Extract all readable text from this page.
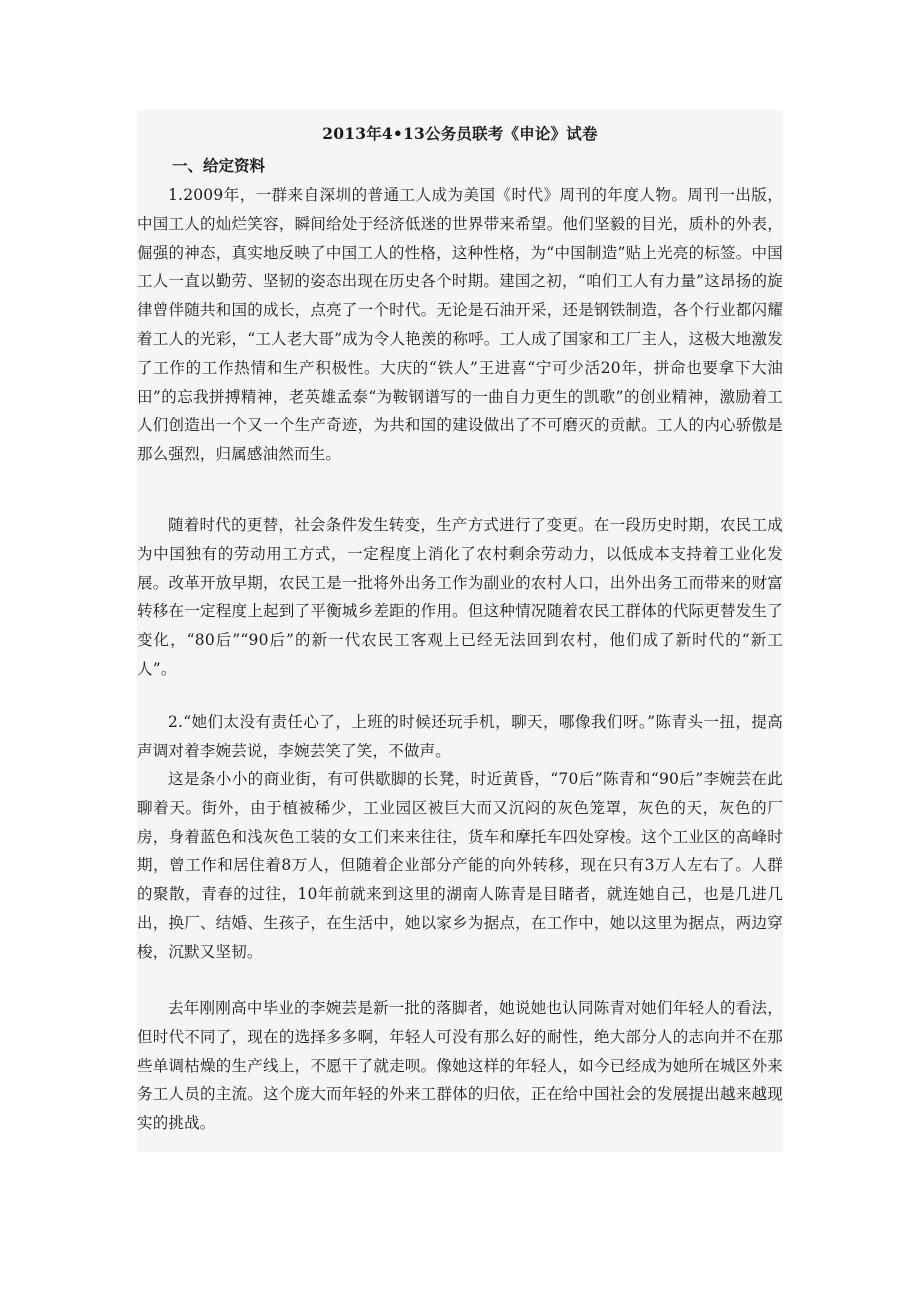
2013年4•13公务员联考《申论》试卷
一、给定资料

1.2009年，一群来自深圳的普通工人成为美国《时代》周刊的年度人物。周刊一出版，中国工人的灿烂笑容，瞬间给处于经济低迷的世界带来希望。他们坚毅的目光，质朴的外表，倔强的神态，真实地反映了中国工人的性格，这种性格，为“中国制造”贴上光亮的标签。中国工人一直以勤劳、坚韧的姿态出现在历史各个时期。建国之初，“咱们工人有力量”这昂扬的旋律曾伴随共和国的成长，点亮了一个时代。无论是石油开采，还是钢铁制造，各个行业都闪耀着工人的光彩，“工人老大哥”成为令人艳羡的称呼。工人成了国家和工厂主人，这极大地激发了工作的工作热情和生产积极性。大庆的“铁人”王进喜“宁可少活20年，拼命也要拿下大油田”的忘我拼搏精神，老英雄孟泰“为鞍钢谱写的一曲自力更生的凯歌”的创业精神，激励着工人们创造出一个又一个生产奇迹，为共和国的建设做出了不可磨灭的贡献。工人的内心骄傲是那么强烈，归属感油然而生。

随着时代的更替，社会条件发生转变，生产方式进行了变更。在一段历史时期，农民工成为中国独有的劳动用工方式，一定程度上消化了农村剩余劳动力，以低成本支持着工业化发展。改革开放早期，农民工是一批将外出务工作为副业的农村人口，出外出务工而带来的财富转移在一定程度上起到了平衡城乡差距的作用。但这种情况随着农民工群体的代际更替发生了变化，“80后”“90后”的新一代农民工客观上已经无法回到农村，他们成了新时代的“新工人”。

2.“她们太没有责任心了，上班的时候还玩手机，聊天，哪像我们呀。”陈青头一扭，提高声调对着李婉芸说，李婉芸笑了笑，不做声。

这是条小小的商业街，有可供歇脚的长凳，时近黄昏，“70后”陈青和“90后”李婉芸在此聊着天。街外，由于植被稀少，工业园区被巨大而又沉闷的灰色笼罩，灰色的天，灰色的厂房，身着蓝色和浅灰色工装的女工们来来往往，货车和摩托车四处穿梭。这个工业区的高峰时期，曾工作和居住着8万人，但随着企业部分产能的向外转移，现在只有3万人左右了。人群的聚散，青春的过往，10年前就来到这里的湖南人陈青是目睹者，就连她自己，也是几进几出，换厂、结婚、生孩子，在生活中，她以家乡为据点，在工作中，她以这里为据点，两边穿梭，沉默又坚韧。

去年刚刚高中毕业的李婉芸是新一批的落脚者，她说她也认同陈青对她们年轻人的看法，但时代不同了，现在的选择多多啊，年轻人可没有那么好的耐性，绝大部分人的志向并不在那些单调枯燥的生产线上，不愿干了就走呗。像她这样的年轻人，如今已经成为她所在城区外来务工人员的主流。这个庞大而年轻的外来工群体的归依，正在给中国社会的发展提出越来越现实的挑战。
